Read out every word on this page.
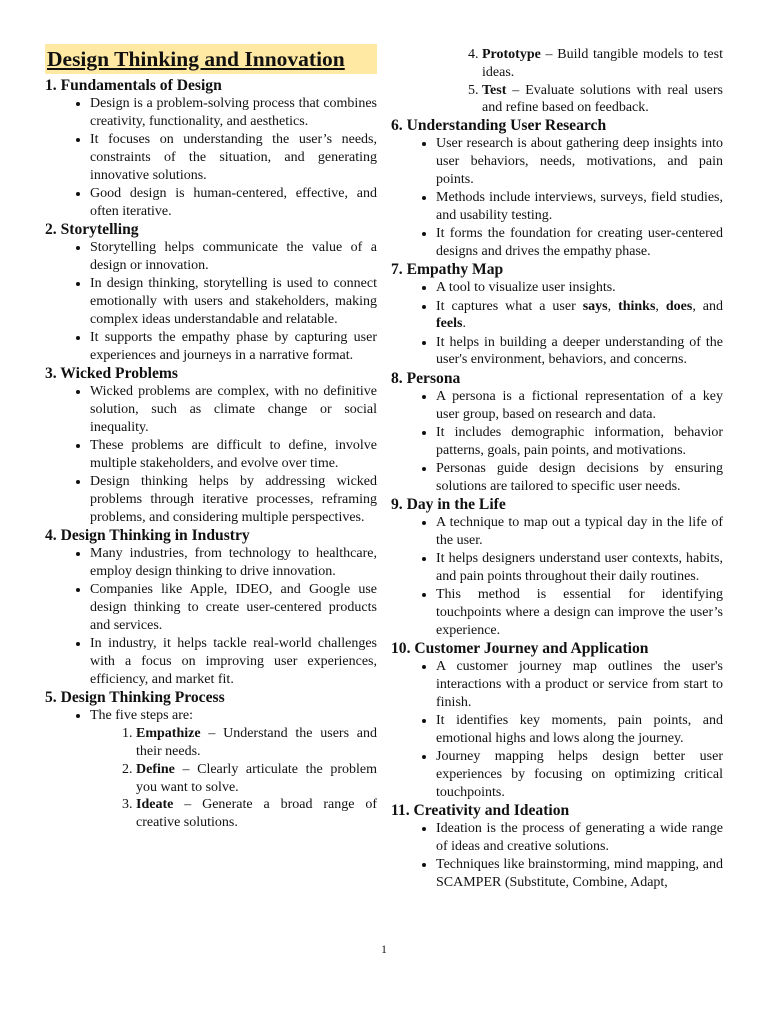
Design Thinking and Innovation
1. Fundamentals of Design
• Design is a problem-solving process that combines creativity, functionality, and aesthetics.
• It focuses on understanding the user’s needs, constraints of the situation, and generating innovative solutions.
• Good design is human-centered, effective, and often iterative.
2. Storytelling
• Storytelling helps communicate the value of a design or innovation.
• In design thinking, storytelling is used to connect emotionally with users and stakeholders, making complex ideas understandable and relatable.
• It supports the empathy phase by capturing user experiences and journeys in a narrative format.
3. Wicked Problems
• Wicked problems are complex, with no definitive solution, such as climate change or social inequality.
• These problems are difficult to define, involve multiple stakeholders, and evolve over time.
• Design thinking helps by addressing wicked problems through iterative processes, reframing problems, and considering multiple perspectives.
4. Design Thinking in Industry
• Many industries, from technology to healthcare, employ design thinking to drive innovation.
• Companies like Apple, IDEO, and Google use design thinking to create user-centered products and services.
• In industry, it helps tackle real-world challenges with a focus on improving user experiences, efficiency, and market fit.
5. Design Thinking Process
• The five steps are:
1. Empathize – Understand the users and their needs.
2. Define – Clearly articulate the problem you want to solve.
3. Ideate – Generate a broad range of creative solutions.
4. Prototype – Build tangible models to test ideas.
5. Test – Evaluate solutions with real users and refine based on feedback.
6. Understanding User Research
• User research is about gathering deep insights into user behaviors, needs, motivations, and pain points.
• Methods include interviews, surveys, field studies, and usability testing.
• It forms the foundation for creating user-centered designs and drives the empathy phase.
7. Empathy Map
• A tool to visualize user insights.
• It captures what a user says, thinks, does, and feels.
• It helps in building a deeper understanding of the user's environment, behaviors, and concerns.
8. Persona
• A persona is a fictional representation of a key user group, based on research and data.
• It includes demographic information, behavior patterns, goals, pain points, and motivations.
• Personas guide design decisions by ensuring solutions are tailored to specific user needs.
9. Day in the Life
• A technique to map out a typical day in the life of the user.
• It helps designers understand user contexts, habits, and pain points throughout their daily routines.
• This method is essential for identifying touchpoints where a design can improve the user’s experience.
10. Customer Journey and Application
• A customer journey map outlines the user's interactions with a product or service from start to finish.
• It identifies key moments, pain points, and emotional highs and lows along the journey.
• Journey mapping helps design better user experiences by focusing on optimizing critical touchpoints.
11. Creativity and Ideation
• Ideation is the process of generating a wide range of ideas and creative solutions.
• Techniques like brainstorming, mind mapping, and SCAMPER (Substitute, Combine, Adapt,
1
